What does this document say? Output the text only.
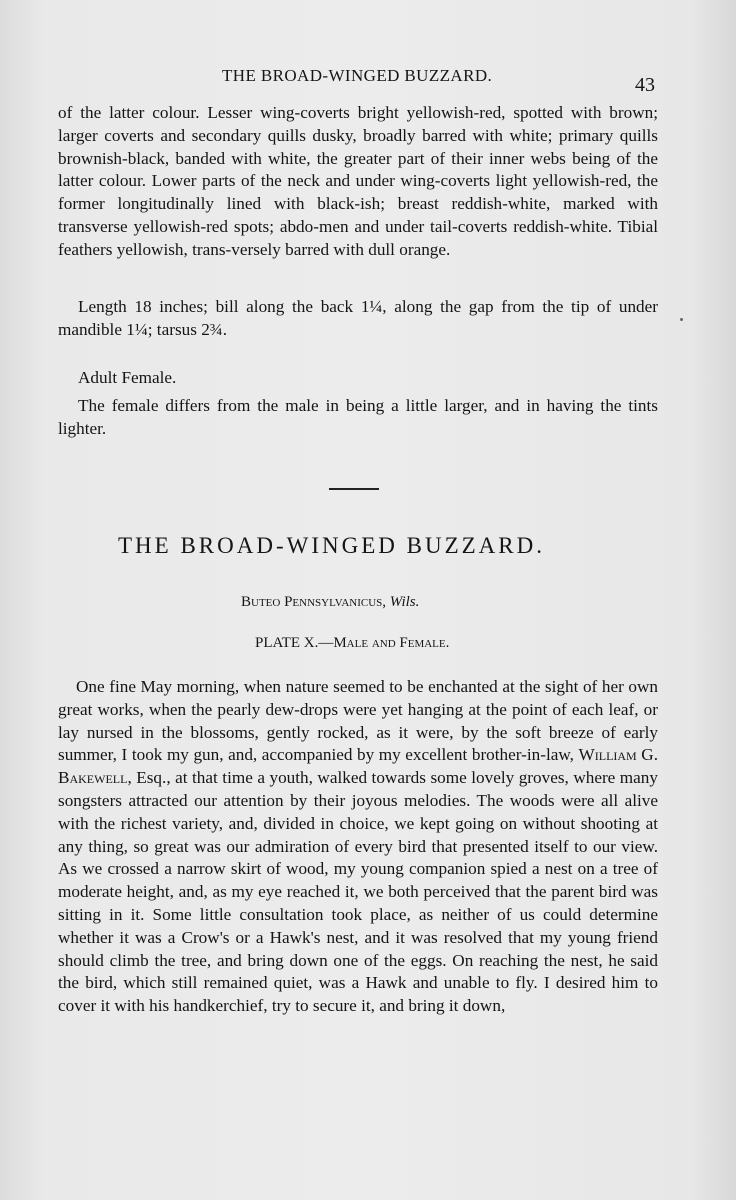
THE BROAD-WINGED BUZZARD.	43

of the latter colour. Lesser wing-coverts bright yellowish-red, spotted with brown; larger coverts and secondary quills dusky, broadly barred with white; primary quills brownish-black, banded with white, the greater part of their inner webs being of the latter colour. Lower parts of the neck and under wing-coverts light yellowish-red, the former longitudinally lined with black-ish; breast reddish-white, marked with transverse yellowish-red spots; abdo-men and under tail-coverts reddish-white. Tibial feathers yellowish, trans-versely barred with dull orange.

Length 18 inches; bill along the back 1¼, along the gap from the tip of under mandible 1¼; tarsus 2¾.

Adult Female.

The female differs from the male in being a little larger, and in having the tints lighter.

THE BROAD-WINGED BUZZARD.
Buteo Pennsylvanicus, Wils.
PLATE X.—Male and Female.

One fine May morning, when nature seemed to be enchanted at the sight of her own great works, when the pearly dew-drops were yet hanging at the point of each leaf, or lay nursed in the blossoms, gently rocked, as it were, by the soft breeze of early summer, I took my gun, and, accompanied by my excellent brother-in-law, William G. Bakewell, Esq., at that time a youth, walked towards some lovely groves, where many songsters attracted our attention by their joyous melodies. The woods were all alive with the richest variety, and, divided in choice, we kept going on without shooting at any thing, so great was our admiration of every bird that presented itself to our view. As we crossed a narrow skirt of wood, my young companion spied a nest on a tree of moderate height, and, as my eye reached it, we both perceived that the parent bird was sitting in it. Some little consultation took place, as neither of us could determine whether it was a Crow's or a Hawk's nest, and it was resolved that my young friend should climb the tree, and bring down one of the eggs. On reaching the nest, he said the bird, which still remained quiet, was a Hawk and unable to fly. I desired him to cover it with his handkerchief, try to secure it, and bring it down,
